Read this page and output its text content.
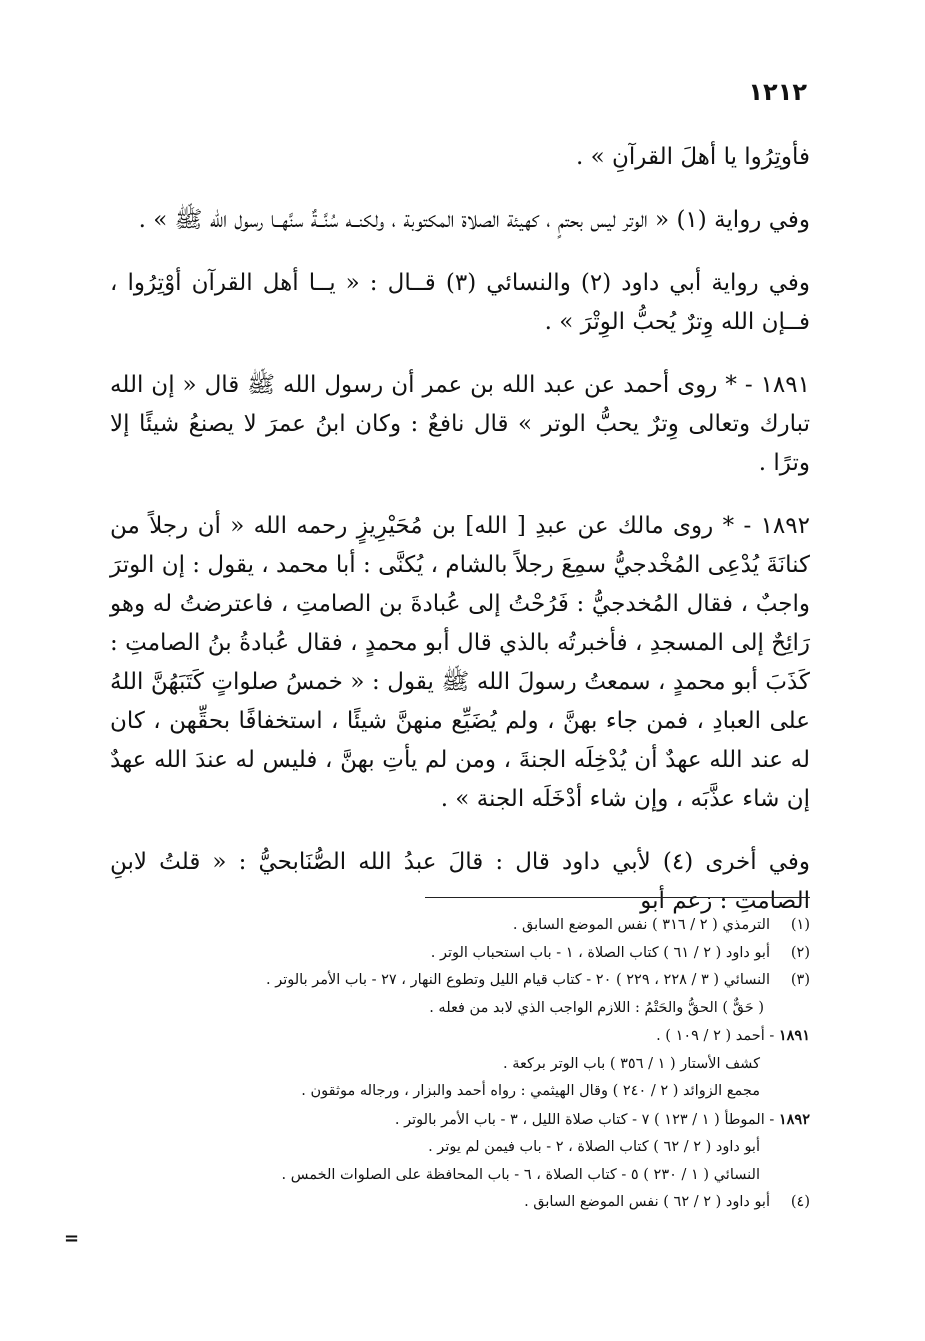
١٢١٢

فأوتِرُوا يا أهلَ القرآنِ » .

وفي رواية (١) « الوتر ليس بحتمٍ ، كهيئة الصلاة المكتوبة ، ولكنــه سُنَّــةٌ سنَّهــا رسول الله ﷺ » .

وفي رواية أبي داود (٢) والنسائي (٣) قــال : « يــا أهل القرآن أوْتِرُوا ، فــإن الله وِترٌ يُحبُّ الوِتْرَ » .

١٨٩١ - * روى أحمد عن عبد الله بن عمر أن رسول الله ﷺ قال « إن الله تبارك وتعالى وِترٌ يحبُّ الوتر » قال نافعٌ : وكان ابنُ عمرَ لا يصنعُ شيئًا إلا وترًا .

١٨٩٢ - * روى مالك عن عبدِ [ الله] بن مُحَيْرِيزٍ رحمه الله « أن رجلاً من كنانَةَ يُدْعِى المُخْدجيُّ سمِعَ رجلاً بالشام ، يُكنَّى : أبا محمد ، يقول : إن الوترَ واجبٌ ، فقال المُخدجيُّ : فَرُحْتُ إلى عُبادةَ بن الصامتِ ، فاعترضتُ له وهو رَائِحٌ إلى المسجدِ ، فأخبرتُه بالذي قال أبو محمدٍ ، فقال عُبادةُ بنُ الصامتِ : كَذَبَ أبو محمدٍ ، سمعتُ رسولَ الله ﷺ يقول : « خمسُ صلواتٍ كَتَبَهُنَّ اللهُ على العبادِ ، فمن جاء بهنَّ ، ولم يُضَيِّع منهنَّ شيئًا ، استخفافًا بحقِّهن ، كان له عند الله عهدٌ أن يُدْخِلَه الجنةَ ، ومن لم يأتِ بهنَّ ، فليس له عندَ الله عهدٌ إن شاء عذَّبَه ، وإن شاء أدْخَلَه الجنة » .

وفي أخرى (٤) لأبي داود قال : قالَ عبدُ الله الصُّنَابحيُّ : « قلتُ لابنِ الصامتِ : زعم أبو

(١)الترمذي ( ٢ / ٣١٦ ) نفس الموضع السابق .
(٢)أبو داود ( ٢ / ٦١ ) كتاب الصلاة ، ١ - باب استحباب الوتر .
(٣)النسائي ( ٣ / ٢٢٨ ، ٢٢٩ ) ٢٠ - كتاب قيام الليل وتطوع النهار ، ٢٧ - باب الأمر بالوتر .
( حَقٌّ ) الحقُّ والحَتْمُ : اللازم الواجب الذي لابد من فعله .
١٨٩١ - أحمد ( ٢ / ١٠٩ ) .
كشف الأستار ( ١ / ٣٥٦ ) باب الوتر بركعة .
مجمع الزوائد ( ٢ / ٢٤٠ ) وقال الهيثمي : رواه أحمد والبزار ، ورجاله موثقون .
١٨٩٢ - الموطأ ( ١ / ١٢٣ ) ٧ - كتاب صلاة الليل ، ٣ - باب الأمر بالوتر .
أبو داود ( ٢ / ٦٢ ) كتاب الصلاة ، ٢ - باب فيمن لم يوتر .
النسائي ( ١ / ٢٣٠ ) ٥ - كتاب الصلاة ، ٦ - باب المحافظة على الصلوات الخمس .
(٤)أبو داود ( ٢ / ٦٢ ) نفس الموضع السابق .
=
